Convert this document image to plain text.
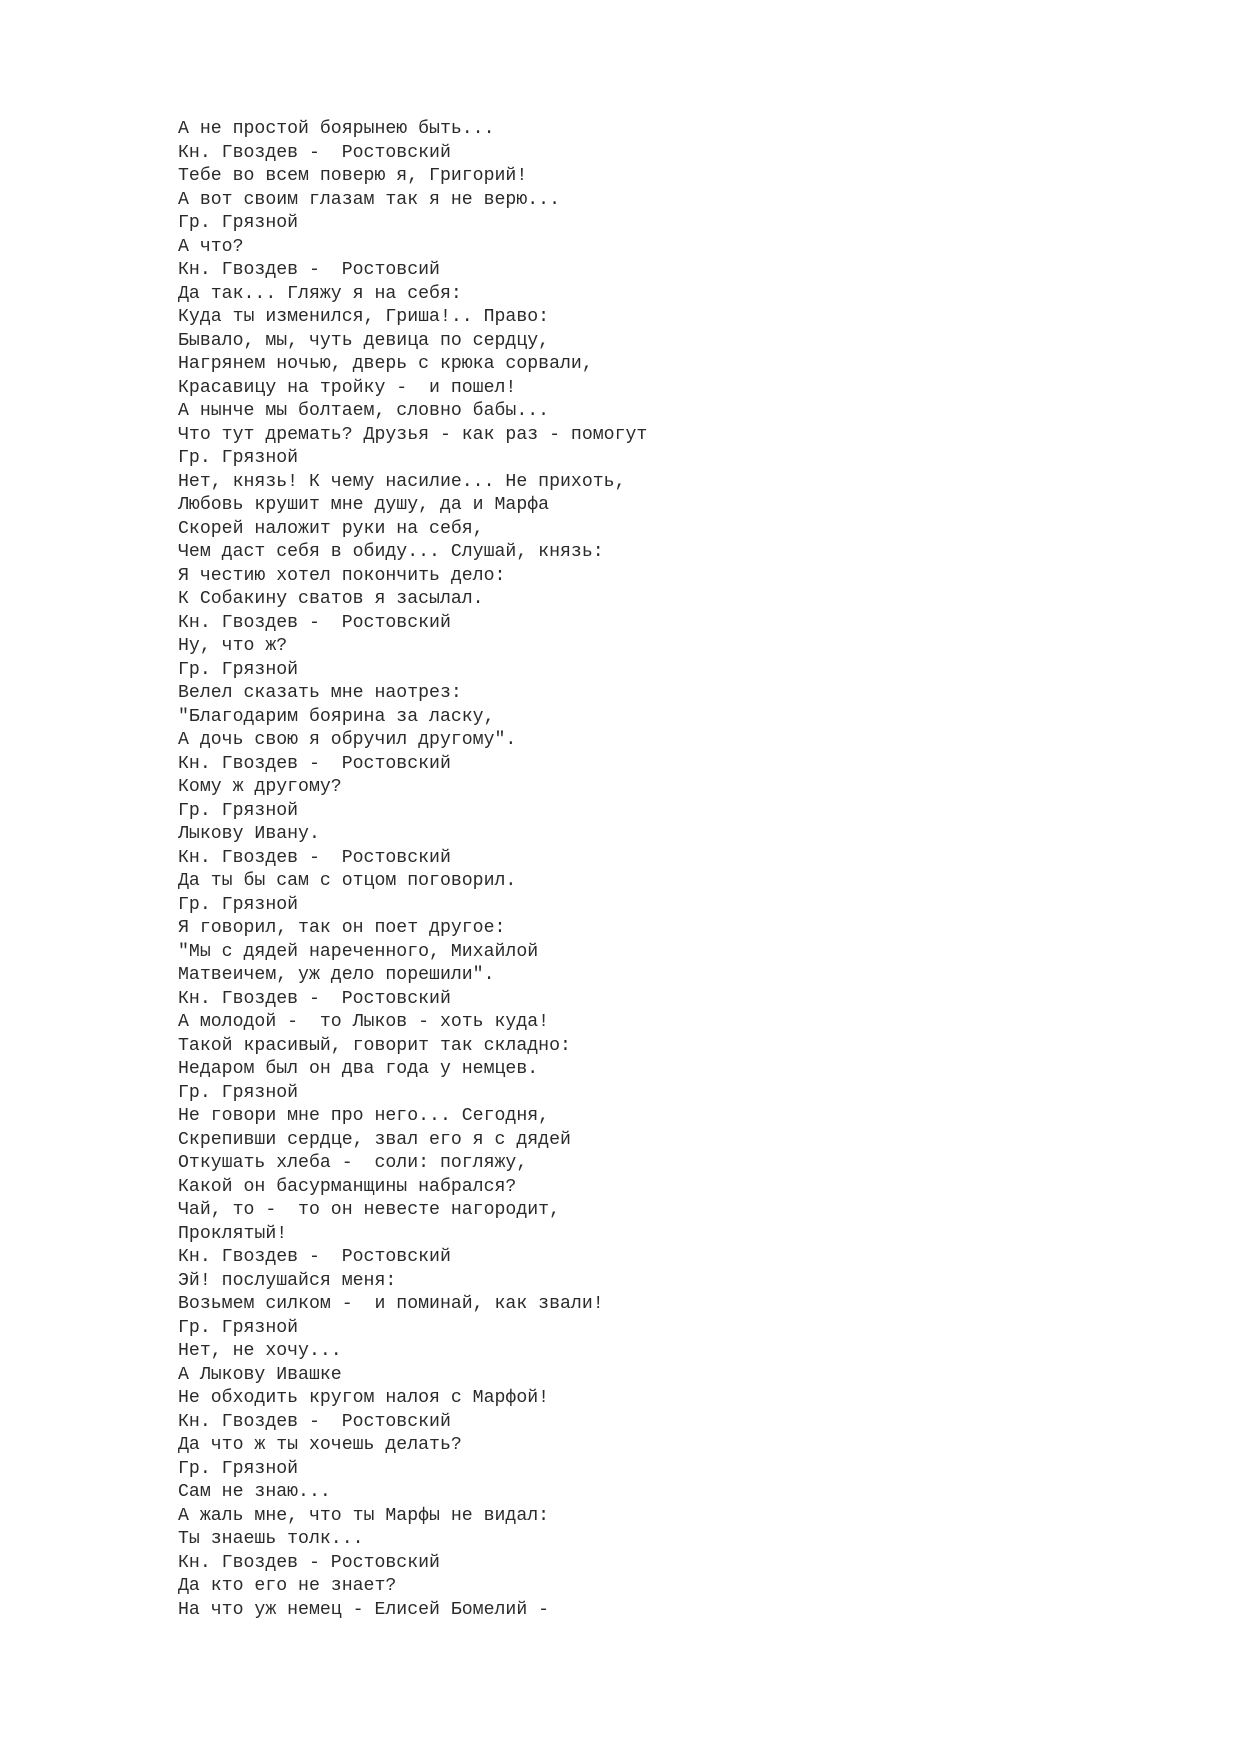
А не простой боярынею быть...
Кн. Гвоздев -  Ростовский
Тебе во всем поверю я, Григорий!
А вот своим глазам так я не верю...
Гр. Грязной
А что?
Кн. Гвоздев -  Ростовсий
Да так... Гляжу я на себя:
Куда ты изменился, Гриша!.. Право:
Бывало, мы, чуть девица по сердцу,
Нагрянем ночью, дверь с крюка сорвали,
Красавицу на тройку -  и пошел!
А нынче мы болтаем, словно бабы...
Что тут дремать? Друзья - как раз - помогут
Гр. Грязной
Нет, князь! К чему насилие... Не прихоть,
Любовь крушит мне душу, да и Марфа
Скорей наложит руки на себя,
Чем даст себя в обиду... Слушай, князь:
Я честию хотел покончить дело:
К Собакину сватов я засылал.
Кн. Гвоздев -  Ростовский
Ну, что ж?
Гр. Грязной
Велел сказать мне наотрез:
"Благодарим боярина за ласку,
А дочь свою я обручил другому".
Кн. Гвоздев -  Ростовский
Кому ж другому?
Гр. Грязной
Лыкову Ивану.
Кн. Гвоздев -  Ростовский
Да ты бы сам с отцом поговорил.
Гр. Грязной
Я говорил, так он поет другое:
"Мы с дядей нареченного, Михайлой
Матвеичем, уж дело порешили".
Кн. Гвоздев -  Ростовский
А молодой -  то Лыков - хоть куда!
Такой красивый, говорит так складно:
Недаром был он два года у немцев.
Гр. Грязной
Не говори мне про него... Сегодня,
Скрепивши сердце, звал его я с дядей
Откушать хлеба -  соли: погляжу,
Какой он басурманщины набрался?
Чай, то -  то он невесте нагородит,
Проклятый!
Кн. Гвоздев -  Ростовский
Эй! послушайся меня:
Возьмем силком -  и поминай, как звали!
Гр. Грязной
Нет, не хочу...
А Лыкову Ивашке
Не обходить кругом налоя с Марфой!
Кн. Гвоздев -  Ростовский
Да что ж ты хочешь делать?
Гр. Грязной
Сам не знаю...
А жаль мне, что ты Марфы не видал:
Ты знаешь толк...
Кн. Гвоздев - Ростовский
Да кто его не знает?
На что уж немец - Елисей Бомелий -
